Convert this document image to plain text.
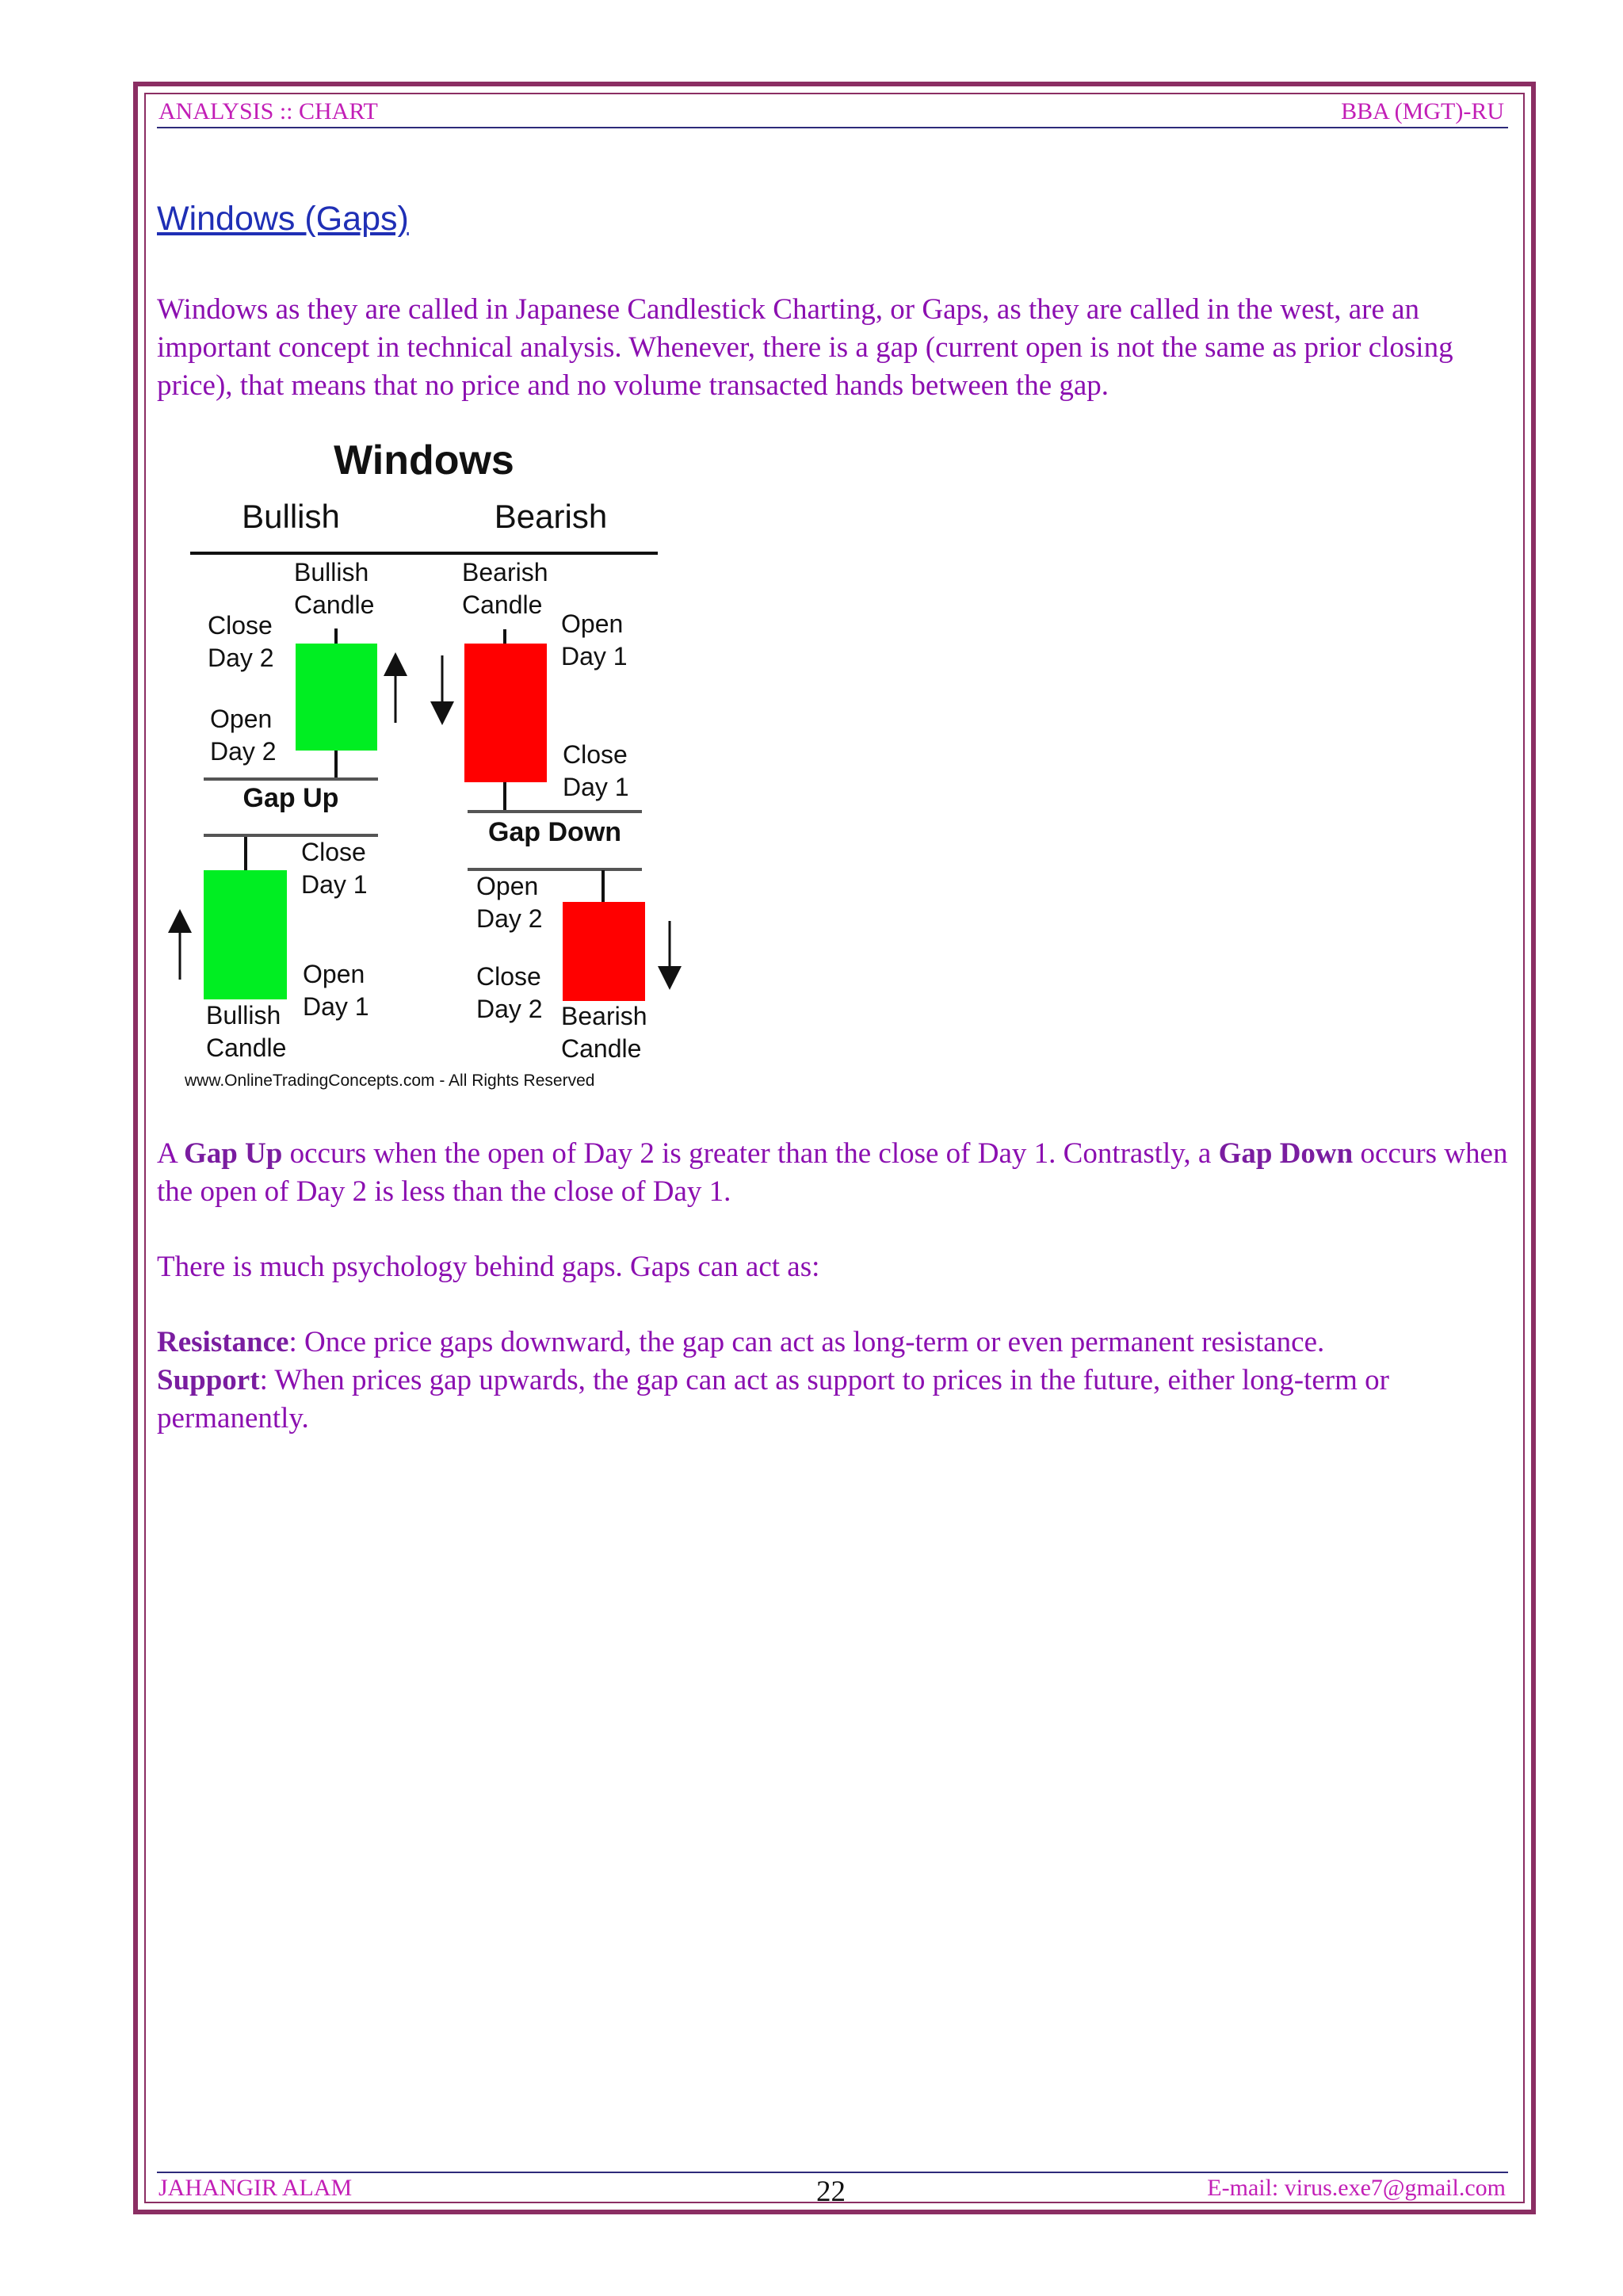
ANALYSIS :: CHART	BBA (MGT)-RU
Windows (Gaps)

Windows as they are called in Japanese Candlestick Charting, or Gaps, as they are called in the west, are an important concept in technical analysis. Whenever, there is a gap (current open is not the same as prior closing price), that means that no price and no volume transacted hands between the gap.

Windows
Bullish	Bearish
Bullish
Candle
Close
Day 2
Open
Day 2
Gap Up
Bearish
Candle
Open
Day 1
Close
Day 1
Gap Down
Close
Day 1
Open
Day 1
Bullish
Candle
Open
Day 2
Close
Day 2 Bearish
Candle
www.OnlineTradingConcepts.com - All Rights Reserved

A Gap Up occurs when the open of Day 2 is greater than the close of Day 1. Contrastly, a Gap Down occurs when the open of Day 2 is less than the close of Day 1.

There is much psychology behind gaps. Gaps can act as:

Resistance: Once price gaps downward, the gap can act as long-term or even permanent resistance.
Support: When prices gap upwards, the gap can act as support to prices in the future, either long-term or permanently.

JAHANGIR ALAM	22	E-mail: virus.exe7@gmail.com
